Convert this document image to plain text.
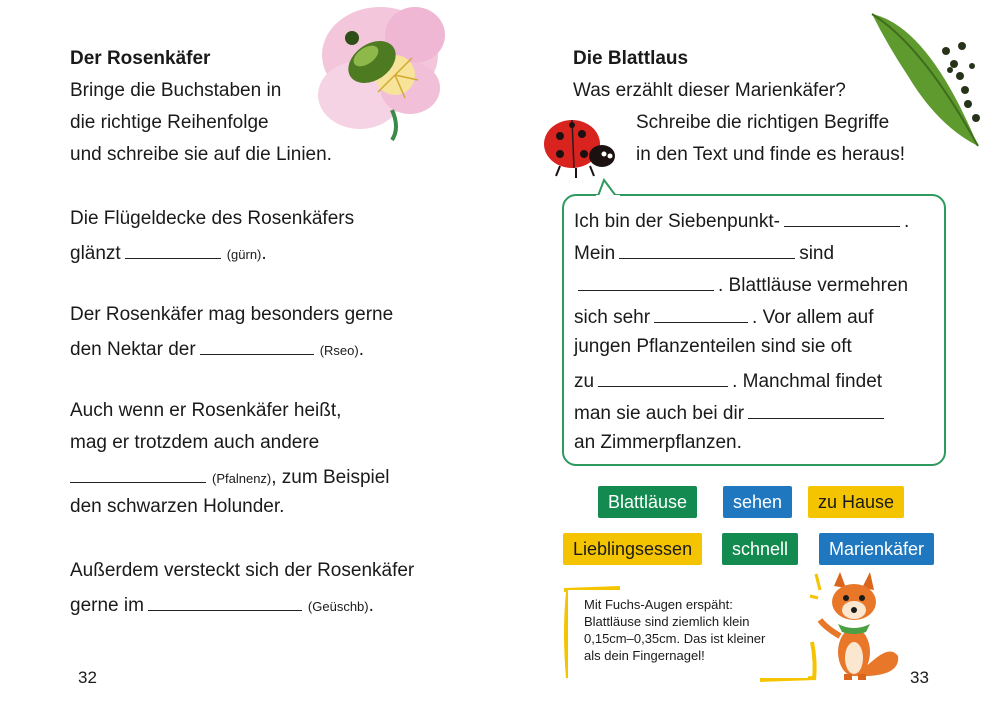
Der Rosenkäfer
Bringe die Buchstaben in
die richtige Reihenfolge
und schreibe sie auf die Linien.
Die Flügeldecke des Rosenkäfers
glänzt	(gürn).
Der Rosenkäfer mag besonders gerne
den Nektar der	(Rseo).
Auch wenn er Rosenkäfer heißt,
mag er trotzdem auch andere
(Pfalnenz), zum Beispiel
den schwarzen Holunder.
Außerdem versteckt sich der Rosenkäfer
gerne im	(Geüschb).
32
Die Blattlaus
Was erzählt dieser Marienkäfer?
Schreibe die richtigen Begriffe
in den Text und finde es heraus!
Ich bin der Siebenpunkt-	.
Mein	sind
. Blattläuse vermehren
sich sehr	. Vor allem auf
jungen Pflanzenteilen sind sie oft
zu	. Manchmal findet
man sie auch bei dir
an Zimmerpflanzen.
Blattläuse	sehen	zu Hause
Lieblingsessen	schnell	Marienkäfer
Mit Fuchs-Augen erspäht:
Blattläuse sind ziemlich klein
0,15cm–0,35cm. Das ist kleiner
als dein Fingernagel!
33
